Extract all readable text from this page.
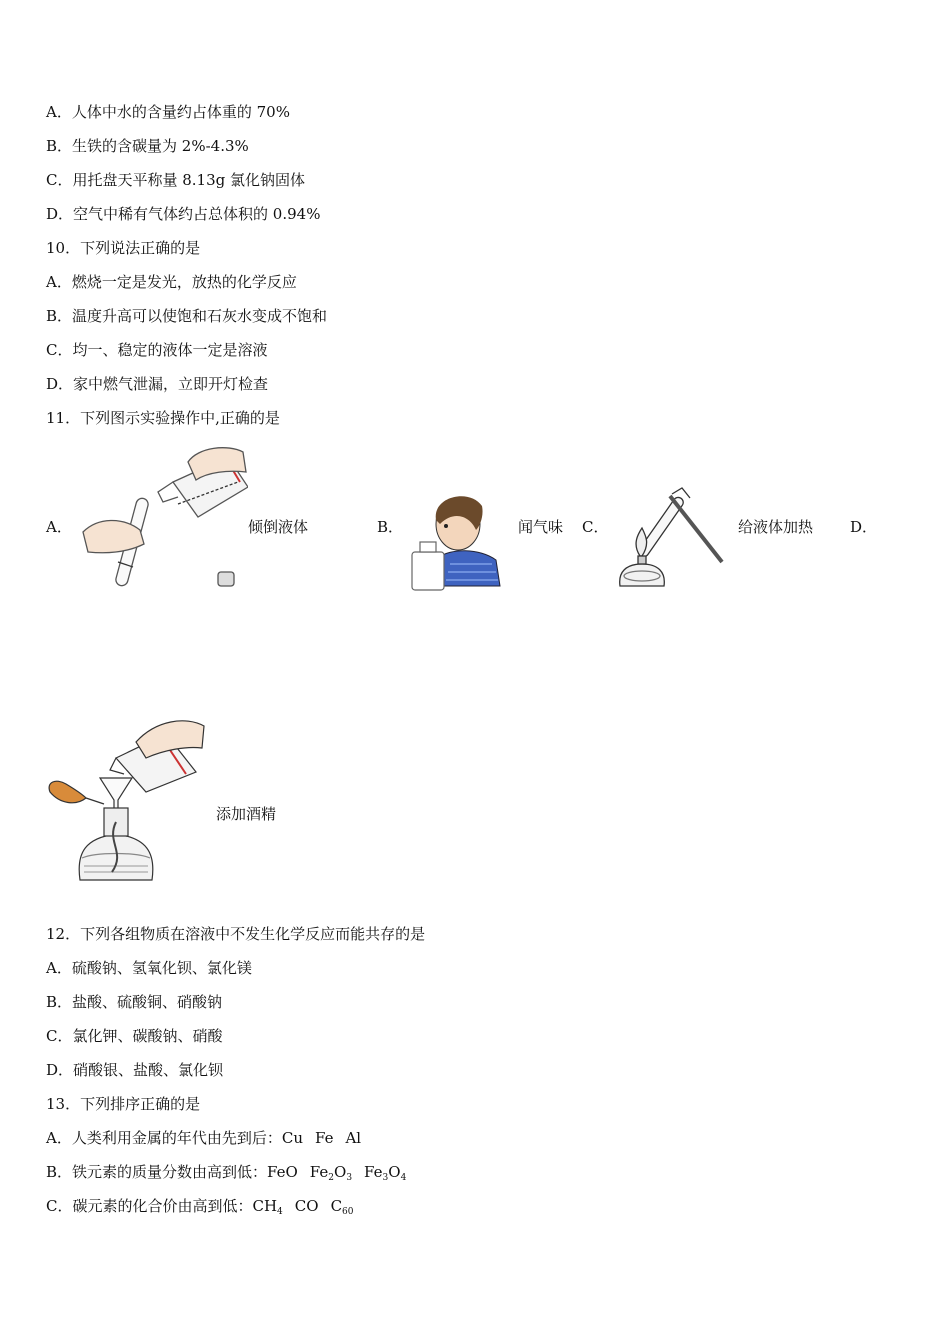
A．人体中水的含量约占体重的 70%
B．生铁的含碳量为 2%-4.3%
C．用托盘天平称量 8.13g 氯化钠固体
D．空气中稀有气体约占总体积的 0.94%
10．下列说法正确的是
A．燃烧一定是发光，放热的化学反应
B．温度升高可以使饱和石灰水变成不饱和
C．均一、稳定的液体一定是溶液
D．家中燃气泄漏，立即开灯检查
11．下列图示实验操作中,正确的是
A．	倾倒液体	B．	闻气味 C．	给液体加热 D．
添加酒精
12．下列各组物质在溶液中不发生化学反应而能共存的是
A．硫酸钠、氢氧化钡、氯化镁
B．盐酸、硫酸铜、硝酸钠
C．氯化钾、碳酸钠、硝酸
D．硝酸银、盐酸、氯化钡
13．下列排序正确的是
A．人类利用金属的年代由先到后：Cu Fe Al
B．铁元素的质量分数由高到低：FeO $Fe_2O_3$ $Fe_3O_4$
C．碳元素的化合价由高到低：$CH_4$ CO $C_{60}$
